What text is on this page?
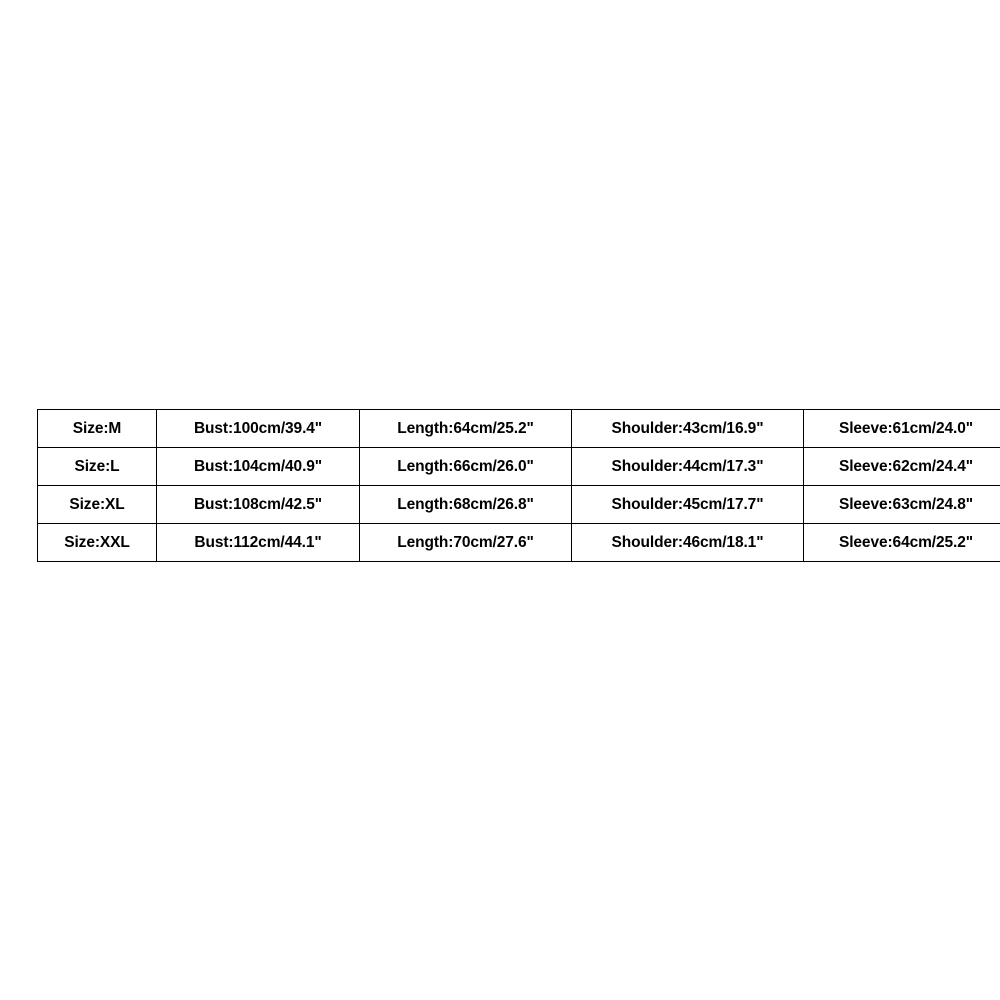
Size:M	Bust:100cm/39.4"	Length:64cm/25.2"	Shoulder:43cm/16.9"	Sleeve:61cm/24.0"
Size:L	Bust:104cm/40.9"	Length:66cm/26.0"	Shoulder:44cm/17.3"	Sleeve:62cm/24.4"
Size:XL	Bust:108cm/42.5"	Length:68cm/26.8"	Shoulder:45cm/17.7"	Sleeve:63cm/24.8"
Size:XXL	Bust:112cm/44.1"	Length:70cm/27.6"	Shoulder:46cm/18.1"	Sleeve:64cm/25.2"
